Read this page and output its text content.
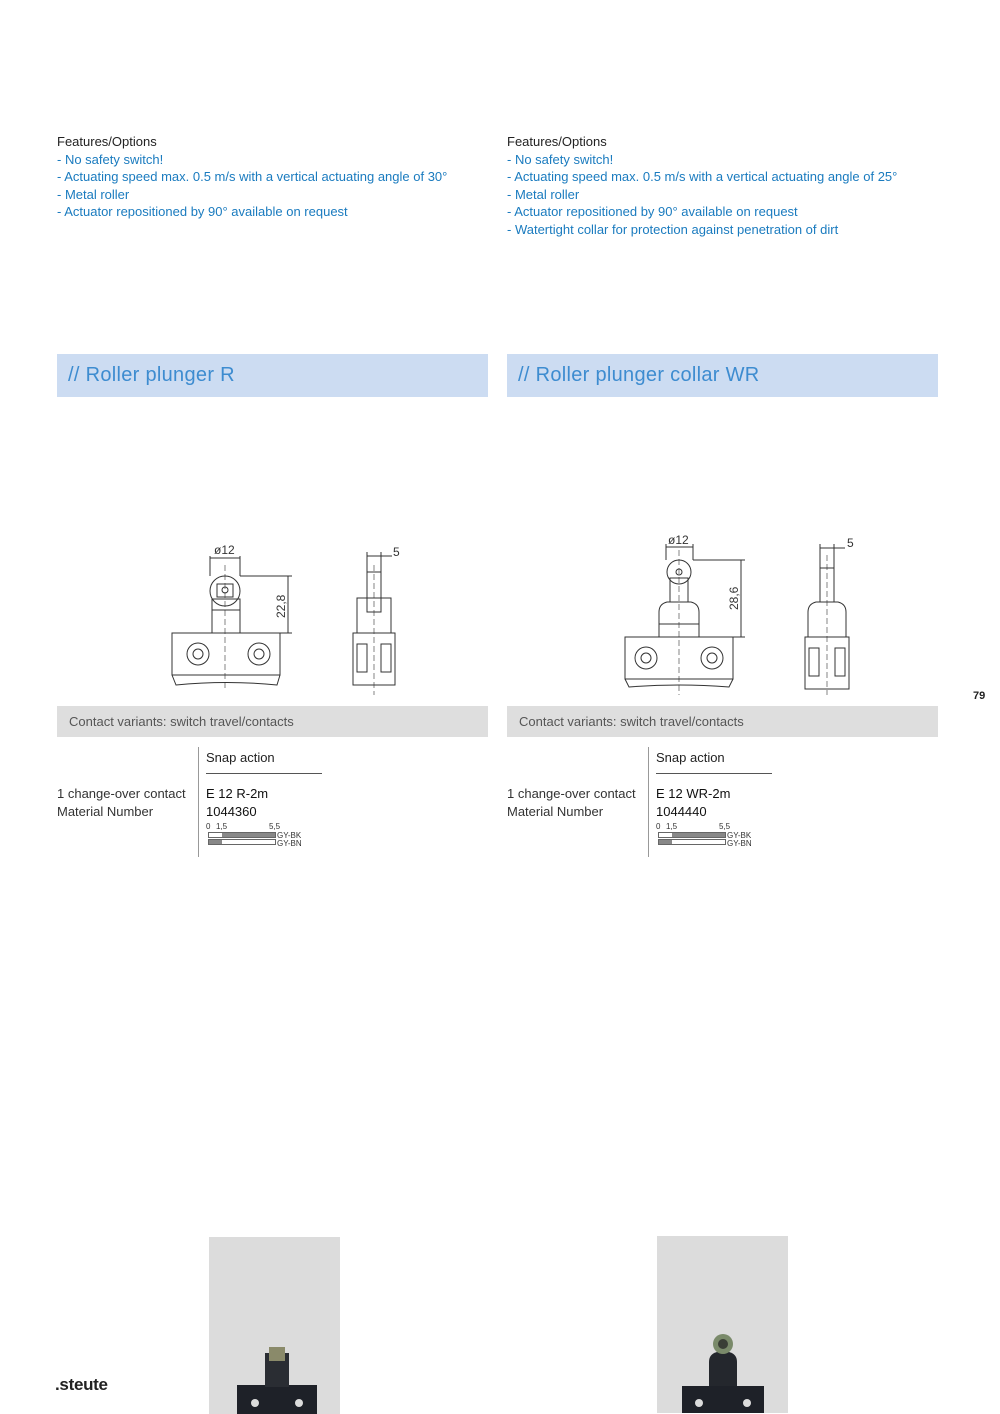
Features/Options
- No safety switch!
- Actuating speed max. 0.5 m/s with a vertical actuating angle of 30°
- Metal roller
- Actuator repositioned by 90° available on request
// Roller plunger R
ø12
22,8
5
Contact variants: switch travel/contacts
Snap action
1 change-over contact
Material Number
E 12 R-2m
1044360
0 1,5	5,5
GY-BK
GY-BN
Features/Options
- No safety switch!
- Actuating speed max. 0.5 m/s with a vertical actuating angle of 25°
- Metal roller
- Actuator repositioned by 90° available on request
- Watertight collar for protection against penetration of dirt
// Roller plunger collar WR
ø12
28,6
5
Contact variants: switch travel/contacts
Snap action
1 change-over contact
Material Number
E 12 WR-2m
1044440
0 1,5	5,5
GY-BK
GY-BN
79
.steute
